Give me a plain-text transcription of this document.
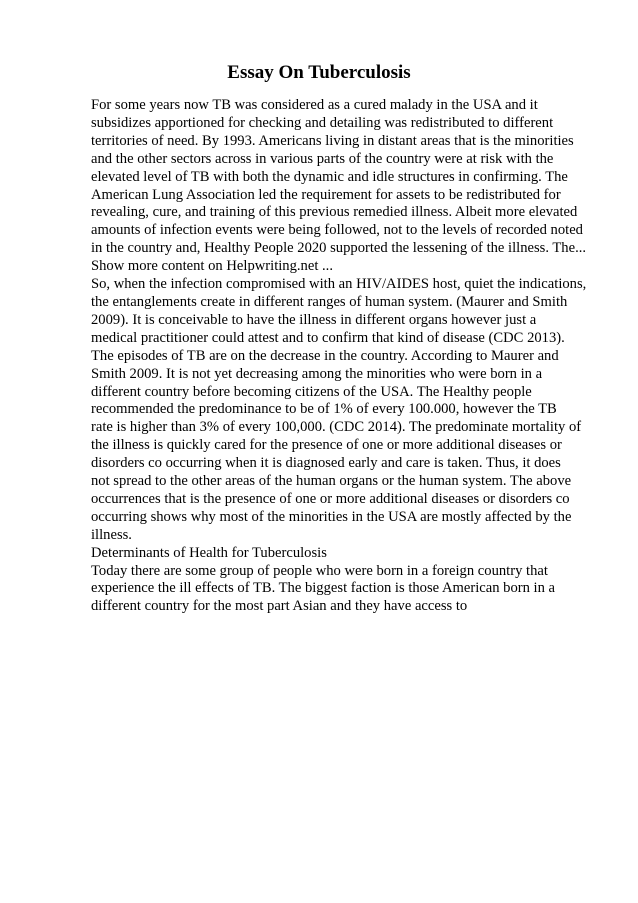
Essay On Tuberculosis
For some years now TB was considered as a cured malady in the USA and it
subsidizes apportioned for checking and detailing was redistributed to different
territories of need. By 1993. Americans living in distant areas that is the minorities
and the other sectors across in various parts of the country were at risk with the
elevated level of TB with both the dynamic and idle structures in confirming. The
American Lung Association led the requirement for assets to be redistributed for
revealing, cure, and training of this previous remedied illness. Albeit more elevated
amounts of infection events were being followed, not to the levels of recorded noted
in the country and, Healthy People 2020 supported the lessening of the illness. The...
Show more content on Helpwriting.net ...
So, when the infection compromised with an HIV/AIDES host, quiet the indications,
the entanglements create in different ranges of human system. (Maurer and Smith
2009). It is conceivable to have the illness in different organs however just a
medical practitioner could attest and to confirm that kind of disease (CDC 2013).
The episodes of TB are on the decrease in the country. According to Maurer and
Smith 2009. It is not yet decreasing among the minorities who were born in a
different country before becoming citizens of the USA. The Healthy people
recommended the predominance to be of 1% of every 100.000, however the TB
rate is higher than 3% of every 100,000. (CDC 2014). The predominate mortality of
the illness is quickly cared for the presence of one or more additional diseases or
disorders co occurring when it is diagnosed early and care is taken. Thus, it does
not spread to the other areas of the human organs or the human system. The above
occurrences that is the presence of one or more additional diseases or disorders co
occurring shows why most of the minorities in the USA are mostly affected by the
illness.
Determinants of Health for Tuberculosis
Today there are some group of people who were born in a foreign country that
experience the ill effects of TB. The biggest faction is those American born in a
different country for the most part Asian and they have access to
